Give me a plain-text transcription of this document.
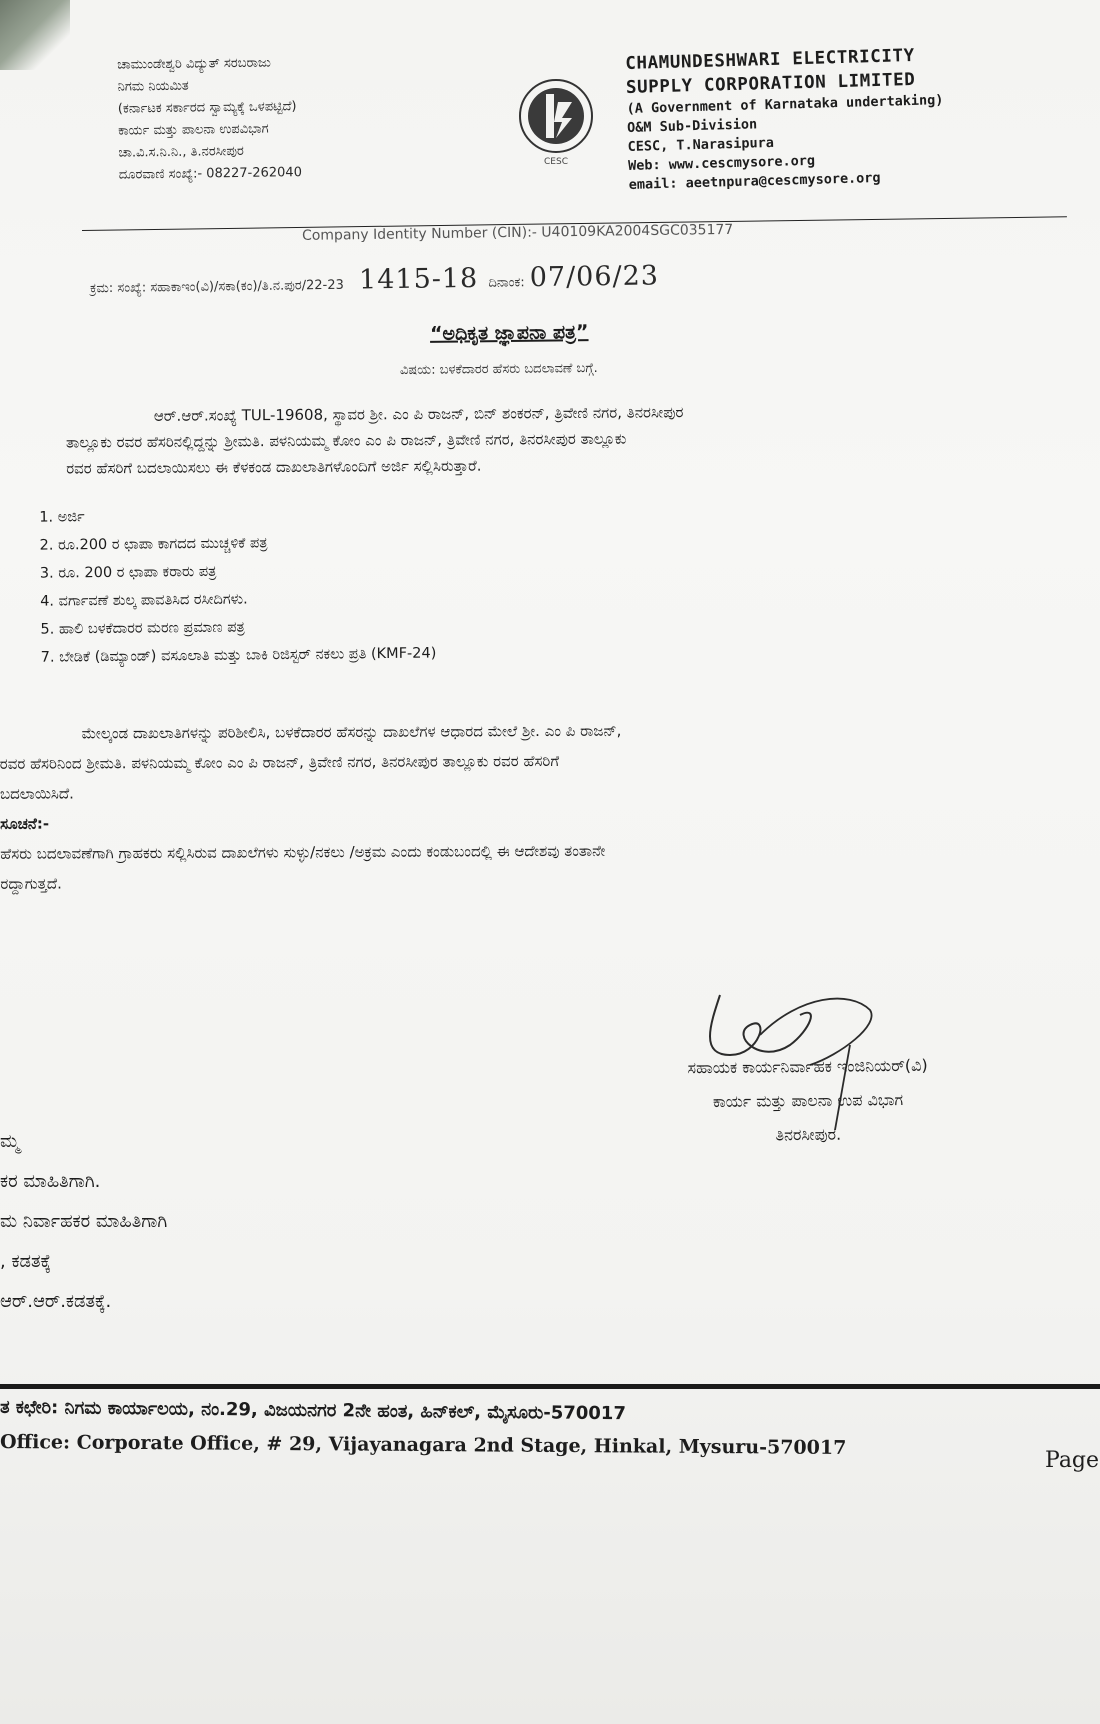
ಚಾಮುಂಡೇಶ್ವರಿ ವಿದ್ಯುತ್ ಸರಬರಾಜು
ನಿಗಮ ನಿಯಮಿತ
(ಕರ್ನಾಟಕ ಸರ್ಕಾರದ ಸ್ವಾಮ್ಯಕ್ಕೆ ಒಳಪಟ್ಟಿದೆ)
ಕಾರ್ಯ ಮತ್ತು ಪಾಲನಾ ಉಪವಿಭಾಗ
ಚಾ.ವಿ.ಸ.ನಿ.ನಿ., ತಿ.ನರಸೀಪುರ
ದೂರವಾಣಿ ಸಂಖ್ಯೆ:- 08227-262040
CESC
CHAMUNDESHWARI ELECTRICITY
SUPPLY CORPORATION LIMITED
(A Government of Karnataka undertaking)
O&M Sub-Division
CESC, T.Narasipura
Web: www.cescmysore.org
email: aeetnpura@cescmysore.org
Company Identity Number (CIN):- U40109KA2004SGC035177
ಕ್ರಮ: ಸಂಖ್ಯೆ: ಸಹಾಕಾಇಂ(ವಿ)/ಸಕಾ(ಕಂ)/ತಿ.ನ.ಪುರ/22-23 1415-18 ದಿನಾಂಕ: 07/06/23
“ಅಧಿಕೃತ ಜ್ಞಾಪನಾ ಪತ್ರ”
ವಿಷಯ: ಬಳಕೆದಾರರ ಹೆಸರು ಬದಲಾವಣೆ ಬಗ್ಗೆ.
ಆರ್.ಆರ್.ಸಂಖ್ಯೆ TUL-19608, ಸ್ಥಾವರ ಶ್ರೀ. ಎಂ ಪಿ ರಾಜನ್, ಬಿನ್ ಶಂಕರನ್, ತ್ರಿವೇಣಿ ನಗರ, ತಿನರಸೀಪುರ
ತಾಲ್ಲೂಕು ರವರ ಹೆಸರಿನಲ್ಲಿದ್ದನ್ನು ಶ್ರೀಮತಿ. ಪಳನಿಯಮ್ಮ ಕೋಂ ಎಂ ಪಿ ರಾಜನ್, ತ್ರಿವೇಣಿ ನಗರ, ತಿನರಸೀಪುರ ತಾಲ್ಲೂಕು
ರವರ ಹೆಸರಿಗೆ ಬದಲಾಯಿಸಲು ಈ ಕೆಳಕಂಡ ದಾಖಲಾತಿಗಳೊಂದಿಗೆ ಅರ್ಜಿ ಸಲ್ಲಿಸಿರುತ್ತಾರೆ.
1. ಅರ್ಜಿ
2. ರೂ.200 ರ ಛಾಪಾ ಕಾಗದದ ಮುಚ್ಚಳಿಕೆ ಪತ್ರ
3. ರೂ. 200 ರ ಛಾಪಾ ಕರಾರು ಪತ್ರ
4. ವರ್ಗಾವಣೆ ಶುಲ್ಕ ಪಾವತಿಸಿದ ರಸೀದಿಗಳು.
5. ಹಾಲಿ ಬಳಕೆದಾರರ ಮರಣ ಪ್ರಮಾಣ ಪತ್ರ
7. ಬೇಡಿಕೆ (ಡಿಮ್ಯಾಂಡ್) ವಸೂಲಾತಿ ಮತ್ತು ಬಾಕಿ ರಿಜಿಸ್ಟರ್ ನಕಲು ಪ್ರತಿ (KMF-24)
ಮೇಲ್ಕಂಡ ದಾಖಲಾತಿಗಳನ್ನು ಪರಿಶೀಲಿಸಿ, ಬಳಕೆದಾರರ ಹೆಸರನ್ನು ದಾಖಲೆಗಳ ಆಧಾರದ ಮೇಲೆ ಶ್ರೀ. ಎಂ ಪಿ ರಾಜನ್,
ರವರ ಹೆಸರಿನಿಂದ ಶ್ರೀಮತಿ. ಪಳನಿಯಮ್ಮ ಕೋಂ ಎಂ ಪಿ ರಾಜನ್, ತ್ರಿವೇಣಿ ನಗರ, ತಿನರಸೀಪುರ ತಾಲ್ಲೂಕು ರವರ ಹೆಸರಿಗೆ
ಬದಲಾಯಿಸಿದೆ.
ಸೂಚನೆ:-
ಹೆಸರು ಬದಲಾವಣೆಗಾಗಿ ಗ್ರಾಹಕರು ಸಲ್ಲಿಸಿರುವ ದಾಖಲೆಗಳು ಸುಳ್ಳು/ನಕಲು /ಅಕ್ರಮ ಎಂದು ಕಂಡುಬಂದಲ್ಲಿ ಈ ಆದೇಶವು ತಂತಾನೇ
ರದ್ದಾಗುತ್ತದೆ.
ಸಹಾಯಕ ಕಾರ್ಯನಿರ್ವಾಹಕ ಇಂಜಿನಿಯರ್(ವಿ)
ಕಾರ್ಯ ಮತ್ತು ಪಾಲನಾ ಉಪ ವಿಭಾಗ
ತಿನರಸೀಪುರ.
ಮ್ಮ
ಕರ ಮಾಹಿತಿಗಾಗಿ.
ಮ ನಿರ್ವಾಹಕರ ಮಾಹಿತಿಗಾಗಿ
, ಕಡತಕ್ಕೆ
ಆರ್.ಆರ್.ಕಡತಕ್ಕೆ.
ತ ಕಛೇರಿ: ನಿಗಮ ಕಾರ್ಯಾಲಯ, ನಂ.29, ವಿಜಯನಗರ 2ನೇ ಹಂತ, ಹಿನ್‌ಕಲ್, ಮೈಸೂರು-570017
Office: Corporate Office, # 29, Vijayanagara 2nd Stage, Hinkal, Mysuru-570017
Page
